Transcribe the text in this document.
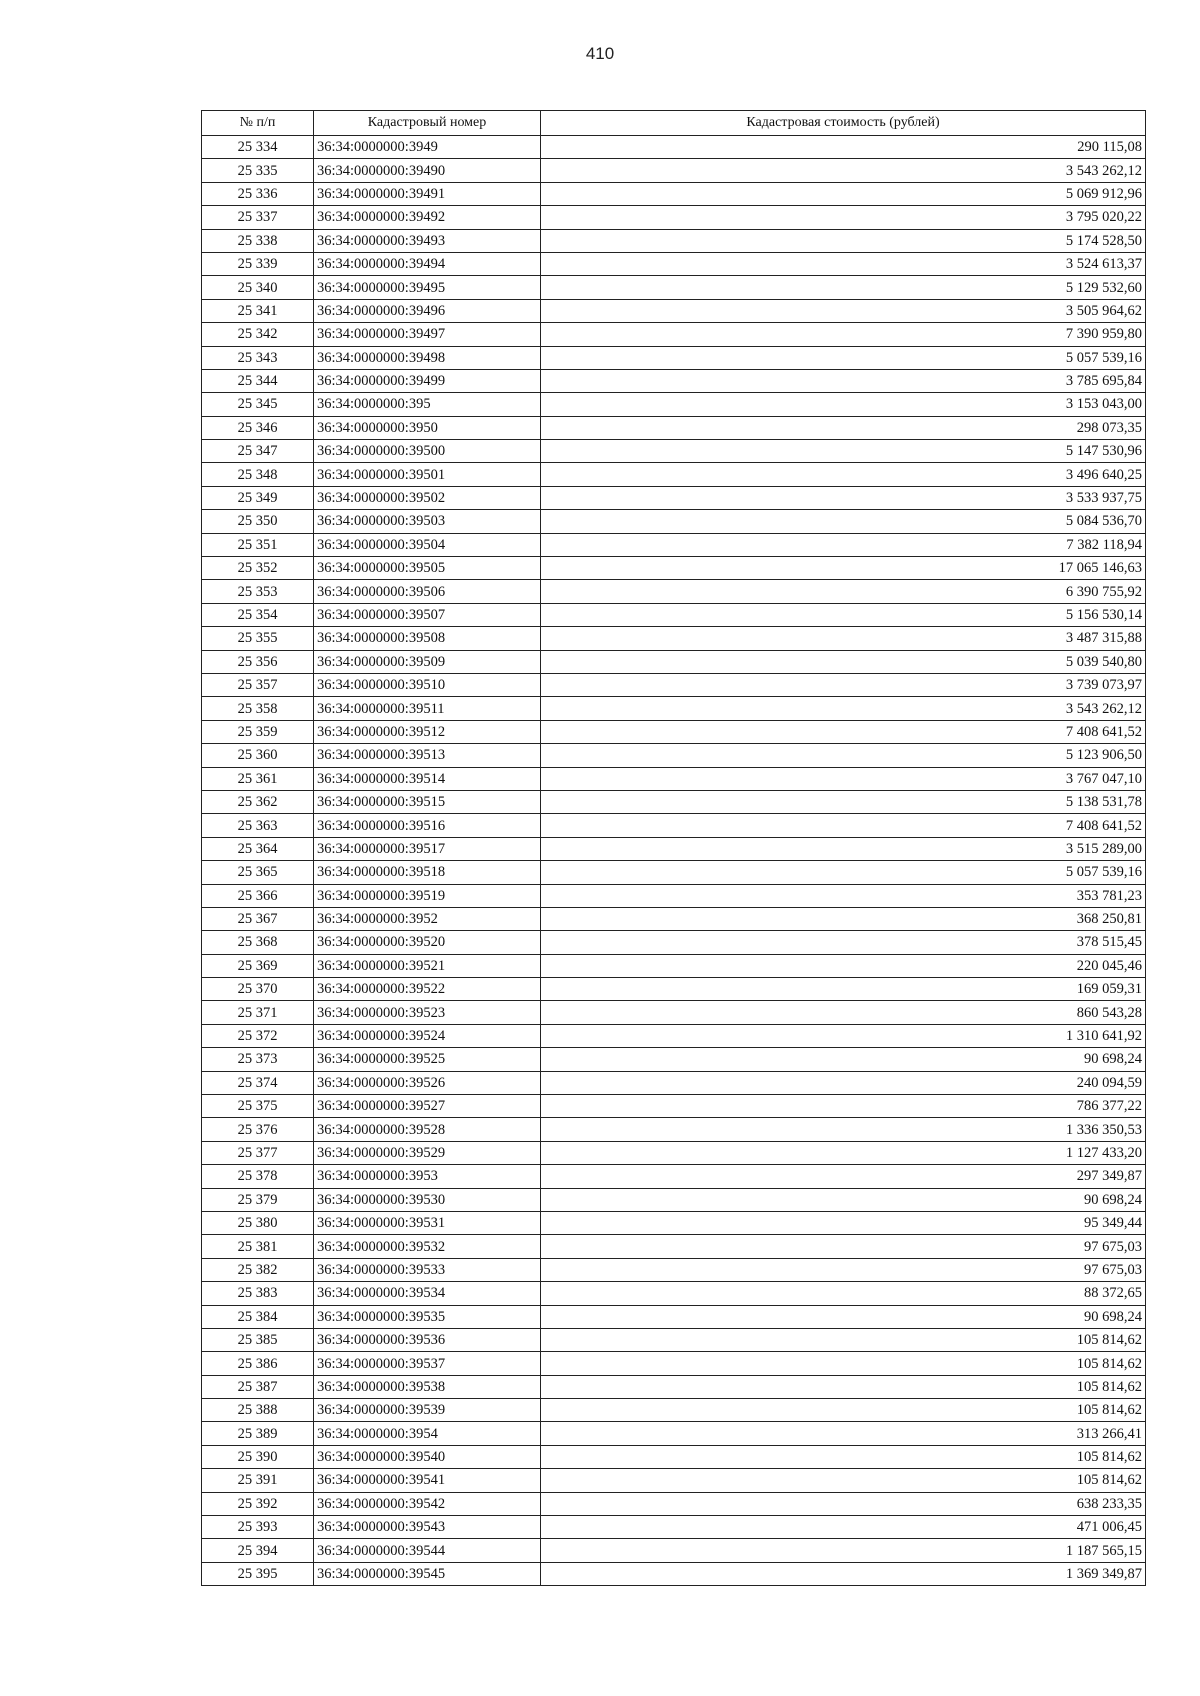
410
№ п/п	Кадастровый номер	Кадастровая стоимость (рублей)
25 334	36:34:0000000:3949	290 115,08
25 335	36:34:0000000:39490	3 543 262,12
25 336	36:34:0000000:39491	5 069 912,96
25 337	36:34:0000000:39492	3 795 020,22
25 338	36:34:0000000:39493	5 174 528,50
25 339	36:34:0000000:39494	3 524 613,37
25 340	36:34:0000000:39495	5 129 532,60
25 341	36:34:0000000:39496	3 505 964,62
25 342	36:34:0000000:39497	7 390 959,80
25 343	36:34:0000000:39498	5 057 539,16
25 344	36:34:0000000:39499	3 785 695,84
25 345	36:34:0000000:395	3 153 043,00
25 346	36:34:0000000:3950	298 073,35
25 347	36:34:0000000:39500	5 147 530,96
25 348	36:34:0000000:39501	3 496 640,25
25 349	36:34:0000000:39502	3 533 937,75
25 350	36:34:0000000:39503	5 084 536,70
25 351	36:34:0000000:39504	7 382 118,94
25 352	36:34:0000000:39505	17 065 146,63
25 353	36:34:0000000:39506	6 390 755,92
25 354	36:34:0000000:39507	5 156 530,14
25 355	36:34:0000000:39508	3 487 315,88
25 356	36:34:0000000:39509	5 039 540,80
25 357	36:34:0000000:39510	3 739 073,97
25 358	36:34:0000000:39511	3 543 262,12
25 359	36:34:0000000:39512	7 408 641,52
25 360	36:34:0000000:39513	5 123 906,50
25 361	36:34:0000000:39514	3 767 047,10
25 362	36:34:0000000:39515	5 138 531,78
25 363	36:34:0000000:39516	7 408 641,52
25 364	36:34:0000000:39517	3 515 289,00
25 365	36:34:0000000:39518	5 057 539,16
25 366	36:34:0000000:39519	353 781,23
25 367	36:34:0000000:3952	368 250,81
25 368	36:34:0000000:39520	378 515,45
25 369	36:34:0000000:39521	220 045,46
25 370	36:34:0000000:39522	169 059,31
25 371	36:34:0000000:39523	860 543,28
25 372	36:34:0000000:39524	1 310 641,92
25 373	36:34:0000000:39525	90 698,24
25 374	36:34:0000000:39526	240 094,59
25 375	36:34:0000000:39527	786 377,22
25 376	36:34:0000000:39528	1 336 350,53
25 377	36:34:0000000:39529	1 127 433,20
25 378	36:34:0000000:3953	297 349,87
25 379	36:34:0000000:39530	90 698,24
25 380	36:34:0000000:39531	95 349,44
25 381	36:34:0000000:39532	97 675,03
25 382	36:34:0000000:39533	97 675,03
25 383	36:34:0000000:39534	88 372,65
25 384	36:34:0000000:39535	90 698,24
25 385	36:34:0000000:39536	105 814,62
25 386	36:34:0000000:39537	105 814,62
25 387	36:34:0000000:39538	105 814,62
25 388	36:34:0000000:39539	105 814,62
25 389	36:34:0000000:3954	313 266,41
25 390	36:34:0000000:39540	105 814,62
25 391	36:34:0000000:39541	105 814,62
25 392	36:34:0000000:39542	638 233,35
25 393	36:34:0000000:39543	471 006,45
25 394	36:34:0000000:39544	1 187 565,15
25 395	36:34:0000000:39545	1 369 349,87
